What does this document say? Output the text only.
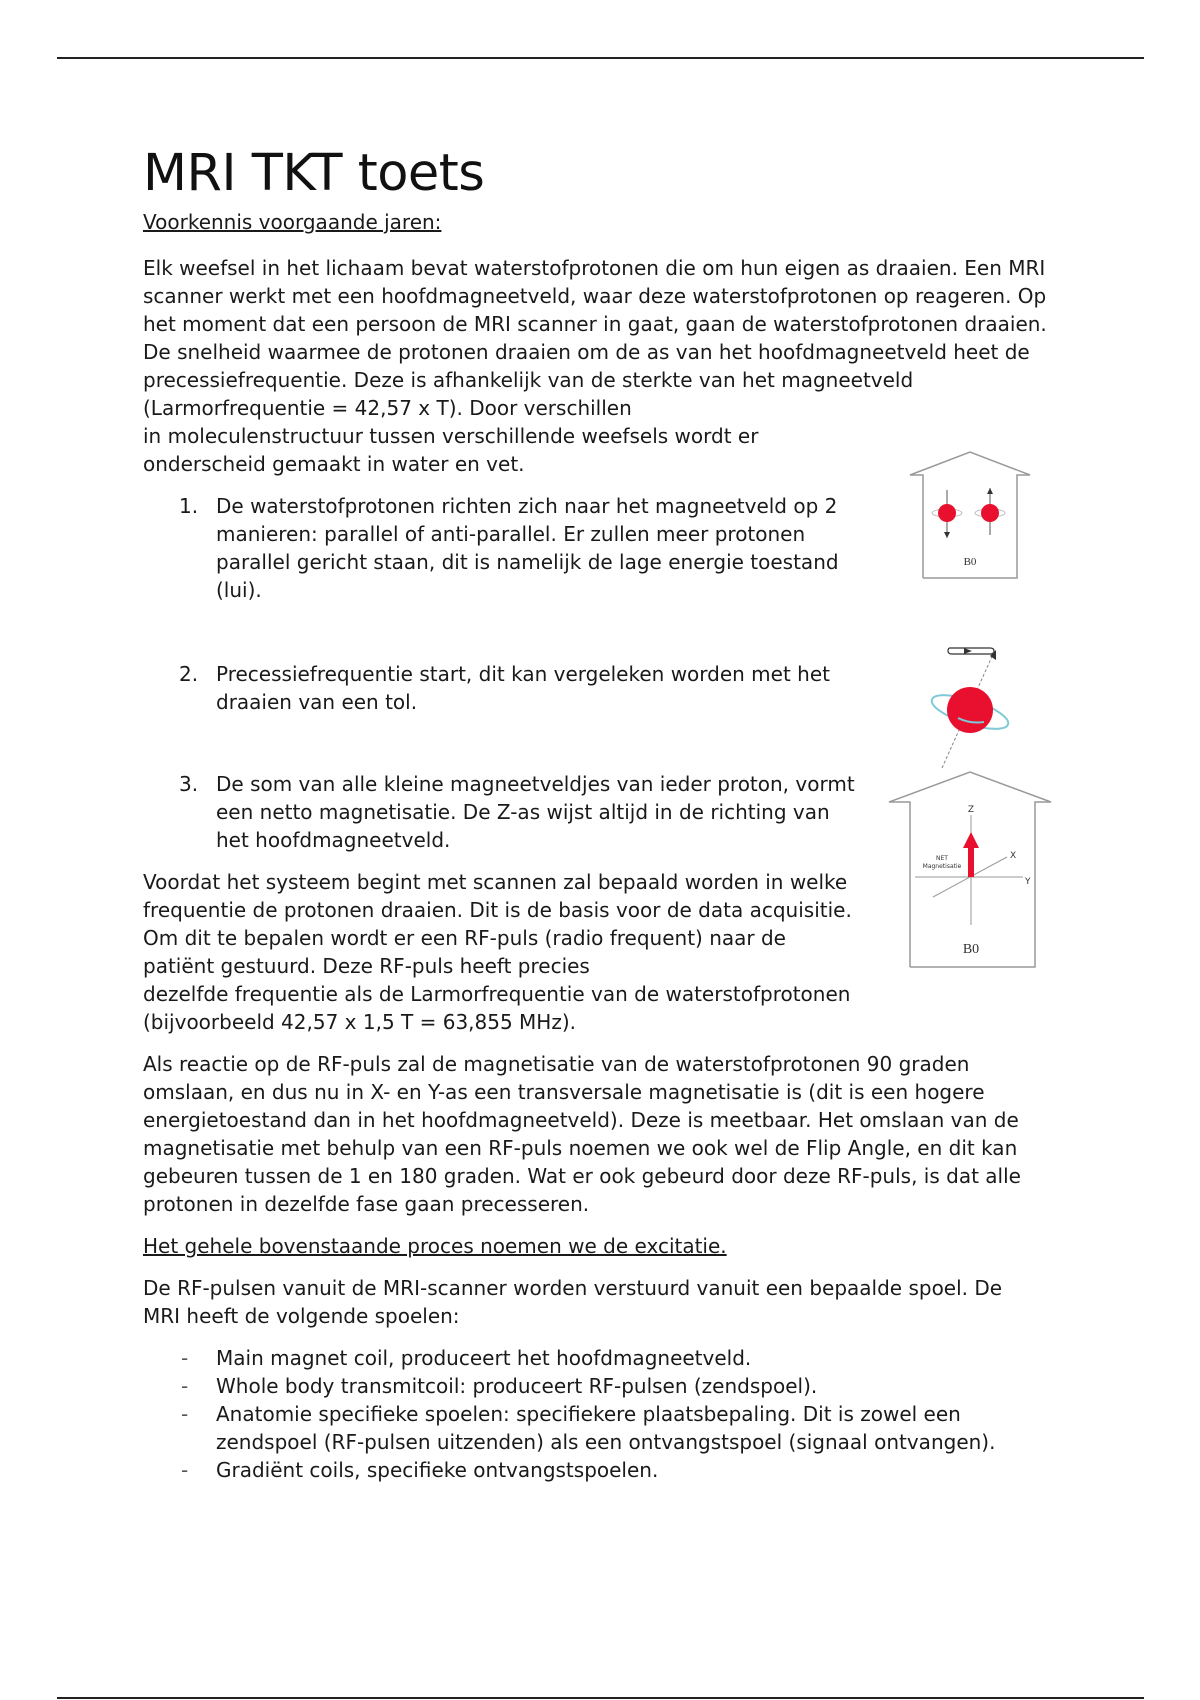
MRI TKT toets

Voorkennis voorgaande jaren:

Elk weefsel in het lichaam bevat waterstofprotonen die om hun eigen as draaien. Een MRI scanner werkt met een hoofdmagneetveld, waar deze waterstofprotonen op reageren. Op het moment dat een persoon de MRI scanner in gaat, gaan de waterstofprotonen draaien. De snelheid waarmee de protonen draaien om de as van het hoofdmagneetveld heet de precessiefrequentie. Deze is afhankelijk van de sterkte van het magneetveld (Larmorfrequentie = 42,57 x T). Door verschillen

in moleculenstructuur tussen verschillende weefsels wordt er onderscheid gemaakt in water en vet.

1. De waterstofprotonen richten zich naar het magneetveld op 2 manieren: parallel of anti-parallel. Er zullen meer protonen parallel gericht staan, dit is namelijk de lage energie toestand (lui).
2. Precessiefrequentie start, dit kan vergeleken worden met het draaien van een tol.
3. De som van alle kleine magneetveldjes van ieder proton, vormt een netto magnetisatie. De Z-as wijst altijd in de richting van het hoofdmagneetveld.

Voordat het systeem begint met scannen zal bepaald worden in welke frequentie de protonen draaien. Dit is de basis voor de data acquisitie. Om dit te bepalen wordt er een RF-puls (radio frequent) naar de patiënt gestuurd. Deze RF-puls heeft precies

dezelfde frequentie als de Larmorfrequentie van de waterstofprotonen (bijvoorbeeld 42,57 x 1,5 T = 63,855 MHz).

Als reactie op de RF-puls zal de magnetisatie van de waterstofprotonen 90 graden omslaan, en dus nu in X- en Y-as een transversale magnetisatie is (dit is een hogere energietoestand dan in het hoofdmagneetveld). Deze is meetbaar. Het omslaan van de magnetisatie met behulp van een RF-puls noemen we ook wel de Flip Angle, en dit kan gebeuren tussen de 1 en 180 graden. Wat er ook gebeurd door deze RF-puls, is dat alle protonen in dezelfde fase gaan precesseren.

Het gehele bovenstaande proces noemen we de excitatie.

De RF-pulsen vanuit de MRI-scanner worden verstuurd vanuit een bepaalde spoel. De MRI heeft de volgende spoelen:

- Main magnet coil, produceert het hoofdmagneetveld.
- Whole body transmitcoil: produceert RF-pulsen (zendspoel).
- Anatomie specifieke spoelen: specifiekere plaatsbepaling. Dit is zowel een zendspoel (RF-pulsen uitzenden) als een ontvangstspoel (signaal ontvangen).
- Gradiënt coils, specifieke ontvangstspoelen.
B0
Z
X
Y
NET
Magnetisatie
B0
